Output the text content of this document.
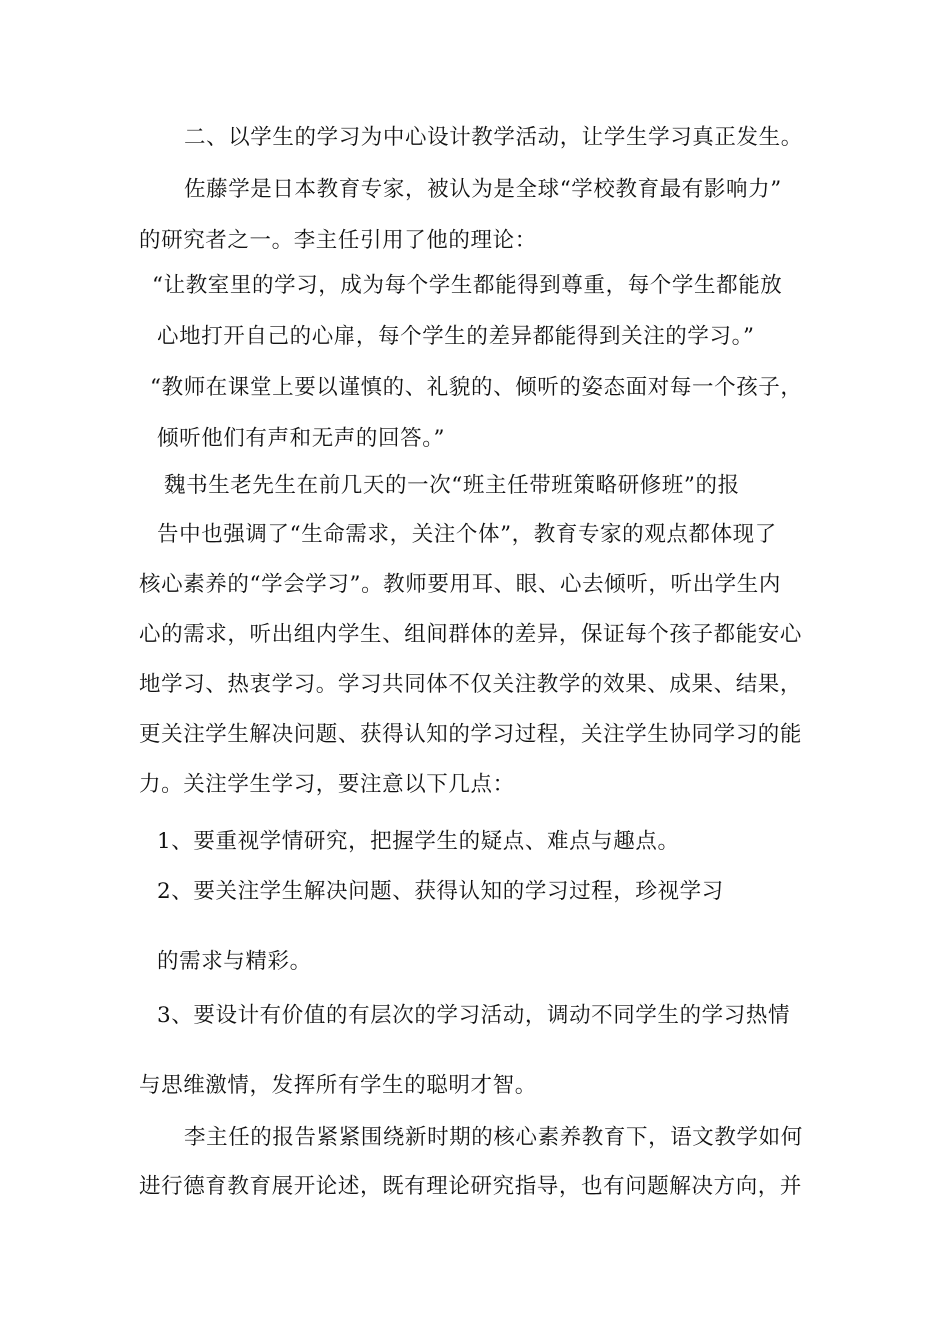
二、以学生的学习为中心设计教学活动，让学生学习真正发生。
佐藤学是日本教育专家，被认为是全球“学校教育最有影响力”
的研究者之一。李主任引用了他的理论：
“让教室里的学习，成为每个学生都能得到尊重，每个学生都能放
心地打开自己的心扉，每个学生的差异都能得到关注的学习。”
“教师在课堂上要以谨慎的、礼貌的、倾听的姿态面对每一个孩子，
倾听他们有声和无声的回答。”
魏书生老先生在前几天的一次“班主任带班策略研修班”的报
告中也强调了“生命需求，关注个体”，教育专家的观点都体现了
核心素养的“学会学习”。教师要用耳、眼、心去倾听，听出学生内
心的需求，听出组内学生、组间群体的差异，保证每个孩子都能安心
地学习、热衷学习。学习共同体不仅关注教学的效果、成果、结果，
更关注学生解决问题、获得认知的学习过程，关注学生协同学习的能
力。关注学生学习，要注意以下几点：
1、要重视学情研究，把握学生的疑点、难点与趣点。
2、要关注学生解决问题、获得认知的学习过程，珍视学习
的需求与精彩。
3、要设计有价值的有层次的学习活动，调动不同学生的学习热情
与思维激情，发挥所有学生的聪明才智。
李主任的报告紧紧围绕新时期的核心素养教育下，语文教学如何
进行德育教育展开论述，既有理论研究指导，也有问题解决方向，并
